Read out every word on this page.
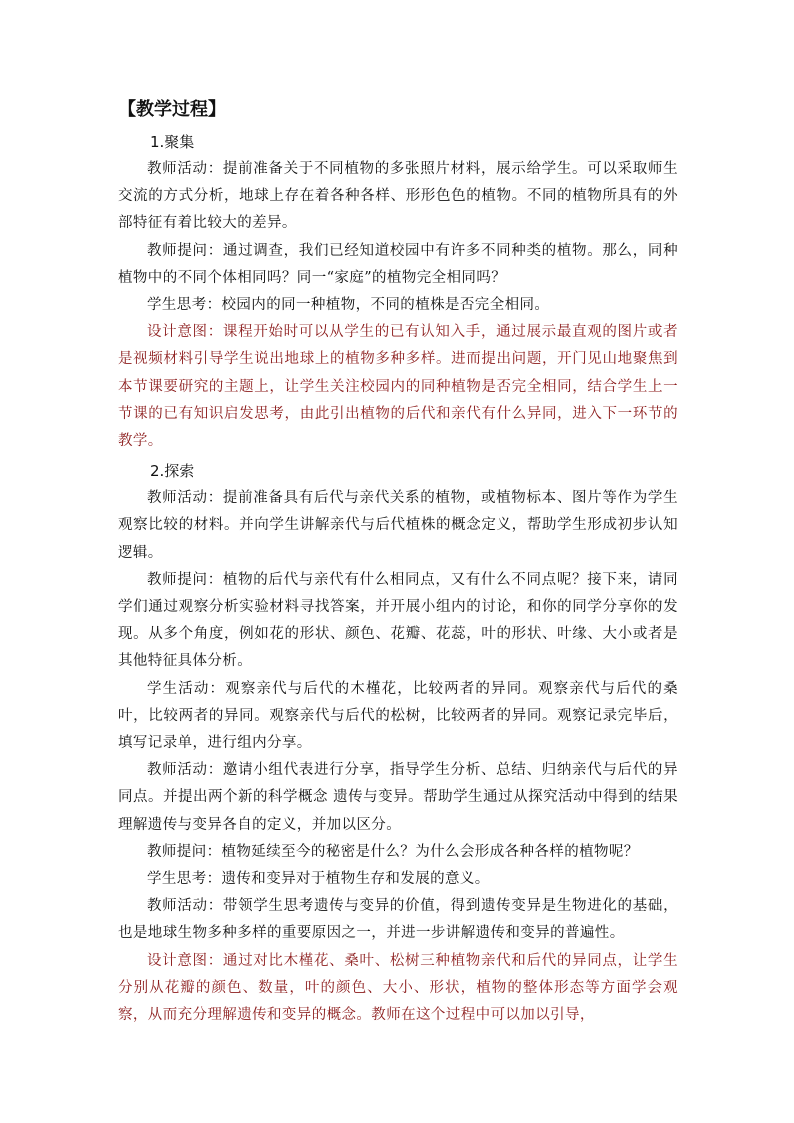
【教学过程】
1.聚集

教师活动：提前准备关于不同植物的多张照片材料，展示给学生。可以采取师生交流的方式分析，地球上存在着各种各样、形形色色的植物。不同的植物所具有的外部特征有着比较大的差异。

教师提问：通过调查，我们已经知道校园中有许多不同种类的植物。那么，同种植物中的不同个体相同吗？同一“家庭”的植物完全相同吗？

学生思考：校园内的同一种植物，不同的植株是否完全相同。

设计意图：课程开始时可以从学生的已有认知入手，通过展示最直观的图片或者是视频材料引导学生说出地球上的植物多种多样。进而提出问题，开门见山地聚焦到本节课要研究的主题上，让学生关注校园内的同种植物是否完全相同，结合学生上一节课的已有知识启发思考，由此引出植物的后代和亲代有什么异同，进入下一环节的教学。

2.探索

教师活动：提前准备具有后代与亲代关系的植物，或植物标本、图片等作为学生观察比较的材料。并向学生讲解亲代与后代植株的概念定义，帮助学生形成初步认知逻辑。

教师提问：植物的后代与亲代有什么相同点，又有什么不同点呢？接下来，请同学们通过观察分析实验材料寻找答案，并开展小组内的讨论，和你的同学分享你的发现。从多个角度，例如花的形状、颜色、花瓣、花蕊，叶的形状、叶缘、大小或者是其他特征具体分析。

学生活动：观察亲代与后代的木槿花，比较两者的异同。观察亲代与后代的桑叶，比较两者的异同。观察亲代与后代的松树，比较两者的异同。观察记录完毕后，填写记录单，进行组内分享。

教师活动：邀请小组代表进行分享，指导学生分析、总结、归纳亲代与后代的异同点。并提出两个新的科学概念 遗传与变异。帮助学生通过从探究活动中得到的结果理解遗传与变异各自的定义，并加以区分。

教师提问：植物延续至今的秘密是什么？为什么会形成各种各样的植物呢？

学生思考：遗传和变异对于植物生存和发展的意义。

教师活动：带领学生思考遗传与变异的价值，得到遗传变异是生物进化的基础，也是地球生物多种多样的重要原因之一，并进一步讲解遗传和变异的普遍性。

设计意图：通过对比木槿花、桑叶、松树三种植物亲代和后代的异同点，让学生分别从花瓣的颜色、数量，叶的颜色、大小、形状，植物的整体形态等方面学会观察，从而充分理解遗传和变异的概念。教师在这个过程中可以加以引导，
